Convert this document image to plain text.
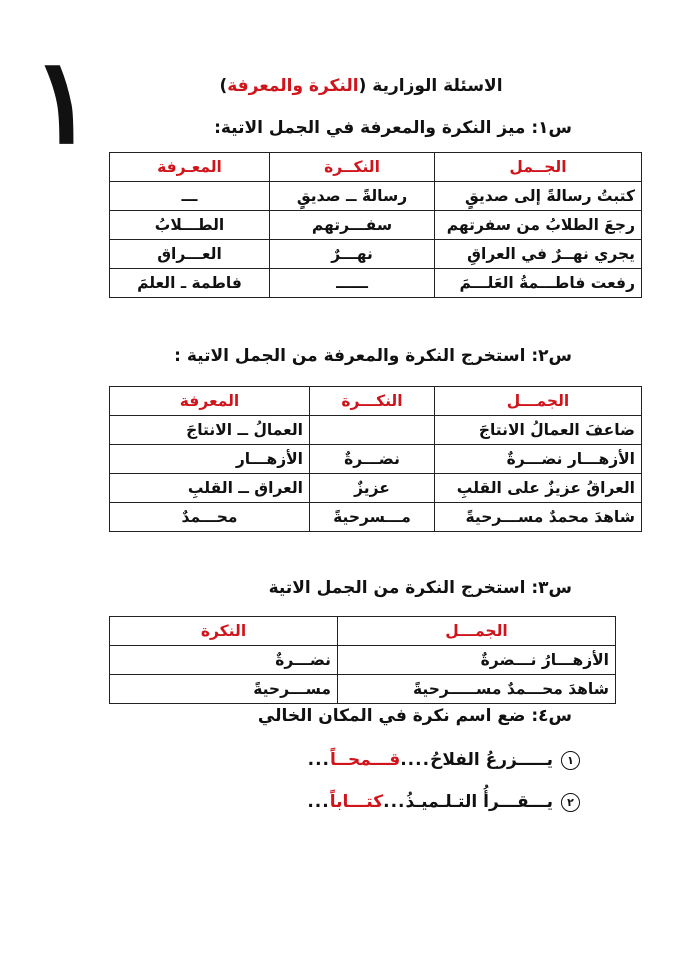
١	الاسئلة الوزارية (النكرة والمعرفة)
س١: ميز النكرة والمعرفة في الجمل الاتية:
الجــمل	النكــرة	المعـرفة
كتبتُ رسالةً إلى صديقٍ	رسالةً ــ صديقٍ	ـــ
رجعَ الطلابُ من سفرتهم	سفـــرتهم	الطـــلابُ
يجري نهــرٌ في العراقِ	نهـــرٌ	العـــراق
رفعت فاطـــمةُ العَلـــمَ	ــــــ	فاطمة ـ العلمَ
س٢: استخرج النكرة والمعرفة من الجمل الاتية :
الجمـــل	النكـــرة	المعرفة
ضاعفَ العمالُ الانتاجَ		العمالُ ــ الانتاجَ
الأزهـــار نضـــرةٌ	نضـــرةٌ	الأزهـــار
العراقُ عزيزٌ على القلبِ	عزيزٌ	العراق ــ القلبِ
شاهدَ محمدٌ مســـرحيةً	مـــسرحيةً	محـــمدٌ
س٣: استخرج النكرة من الجمل الاتية
الجمـــل	النكرة
الأزهـــارُ نـــضرةٌ	نضـــرةٌ
شاهدَ محـــمدٌ مســـــرحيةً	مســـرحيةً
س٤: ضع اسم نكرة في المكان الخالي
١
يـــــزرعُ الفلاحُ
....
قـــمحــاً
...
٢
يـــقـــرأُ التـلـميـذُ
...
كتـــاباً
...
